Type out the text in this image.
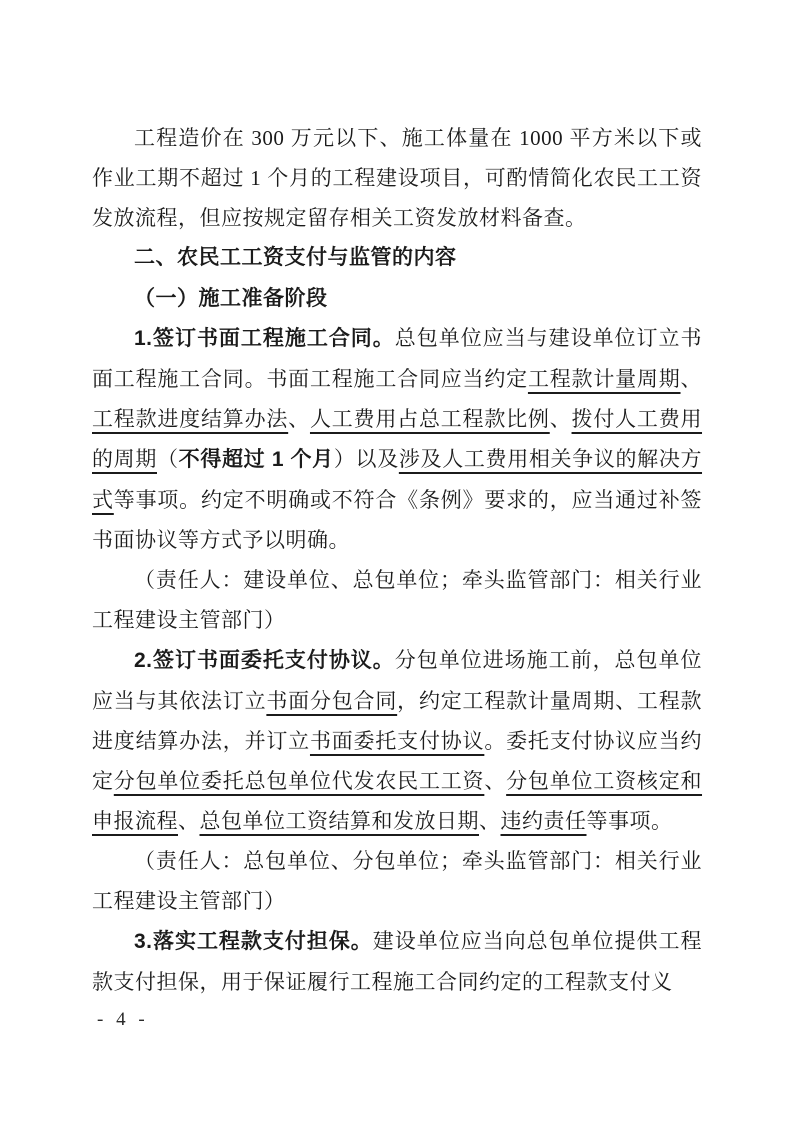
工程造价在 300 万元以下、施工体量在 1000 平方米以下或作业工期不超过 1 个月的工程建设项目，可酌情简化农民工工资发放流程，但应按规定留存相关工资发放材料备查。

二、农民工工资支付与监管的内容

（一）施工准备阶段

1.签订书面工程施工合同。总包单位应当与建设单位订立书面工程施工合同。书面工程施工合同应当约定工程款计量周期、工程款进度结算办法、人工费用占总工程款比例、拨付人工费用的周期（不得超过 1 个月）以及涉及人工费用相关争议的解决方式等事项。约定不明确或不符合《条例》要求的，应当通过补签书面协议等方式予以明确。

（责任人：建设单位、总包单位；牵头监管部门：相关行业工程建设主管部门）

2.签订书面委托支付协议。分包单位进场施工前，总包单位应当与其依法订立书面分包合同，约定工程款计量周期、工程款进度结算办法，并订立书面委托支付协议。委托支付协议应当约定分包单位委托总包单位代发农民工工资、分包单位工资核定和申报流程、总包单位工资结算和发放日期、违约责任等事项。

（责任人：总包单位、分包单位；牵头监管部门：相关行业工程建设主管部门）

3.落实工程款支付担保。建设单位应当向总包单位提供工程款支付担保，用于保证履行工程施工合同约定的工程款支付义

- 4 -
